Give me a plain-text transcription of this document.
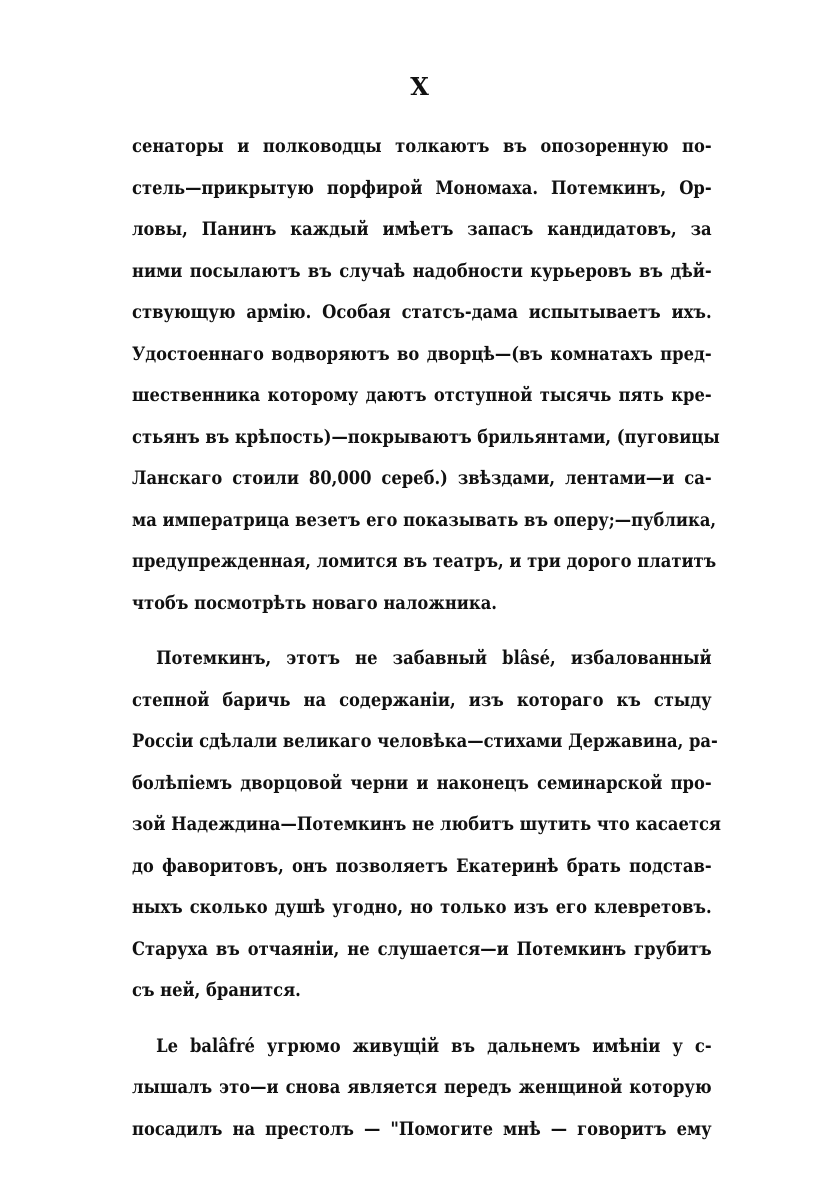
X
сенаторы и полководцы толкаютъ въ опозоренную по-
стель—прикрытую порфирой Мономаха. Потемкинъ, Ор-
ловы, Панинъ каждый имѣетъ запасъ кандидатовъ, за
ними посылаютъ въ случаѣ надобности курьеровъ въ дѣй-
ствующую армію. Особая статсъ-дама испытываетъ ихъ.
Удостоеннаго водворяютъ во дворцѣ—(въ комнатахъ пред-
шественника которому даютъ отступной тысячь пять кре-
стьянъ въ крѣпость)—покрываютъ брильянтами, (пуговицы
Ланскаго стоили 80,000 сереб.) звѣздами, лентами—и са-
ма императрица везетъ его показывать въ оперу;—публика,
предупрежденная, ломится въ театръ, и три дорого платитъ
чтобъ посмотрѣть новаго наложника.
Потемкинъ, этотъ не забавный blâsé, избалованный
степной баричь на содержаніи, изъ котораго къ стыду
Россіи сдѣлали великаго человѣка—стихами Державина, ра-
болѣпіемъ дворцовой черни и наконецъ семинарской про-
зой Надеждина—Потемкинъ не любитъ шутить что касается
до фаворитовъ, онъ позволяетъ Екатеринѣ брать подстав-
ныхъ сколько душѣ угодно, но только изъ его клевретовъ.
Старуха въ отчаяніи, не слушается—и Потемкинъ грубитъ
съ ней, бранится.
Le balâfré угрюмо живущій въ дальнемъ имѣніи у с-
лышалъ это—и снова является передъ женщиной которую
посадилъ на престолъ — "Помогите мнѣ — говоритъ ему
